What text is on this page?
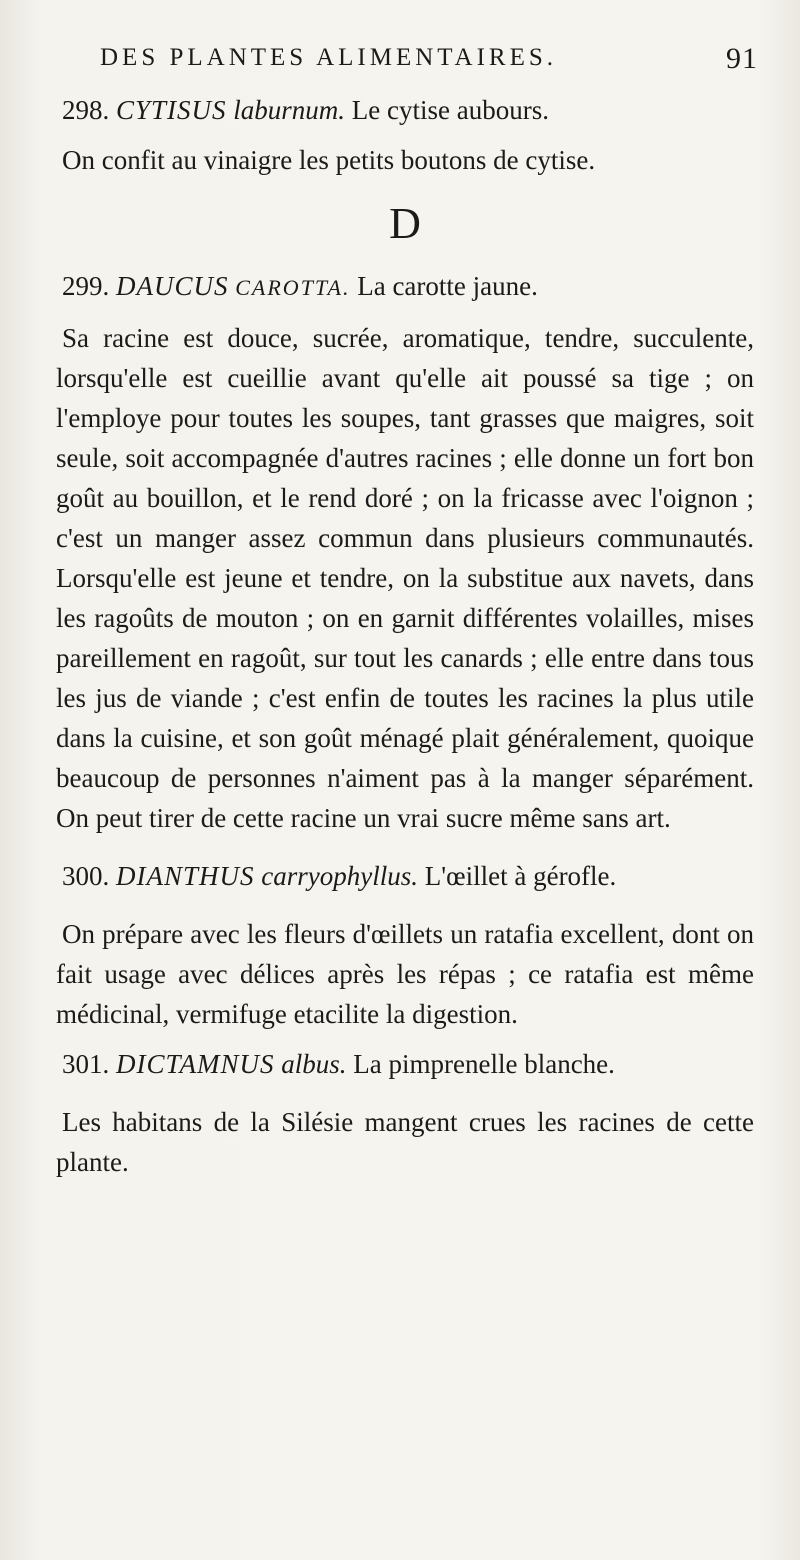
DES PLANTES ALIMENTAIRES.	91
298. CYTISUS laburnum. Le cytise aubours.

On confit au vinaigre les petits boutons de cytise.

D
299. DAUCUS CAROTTA. La carotte jaune.

Sa racine est douce, sucrée, aromatique, tendre, succulente, lorsqu'elle est cueillie avant qu'elle ait poussé sa tige ; on l'employe pour toutes les soupes, tant grasses que maigres, soit seule, soit accompagnée d'autres racines ; elle donne un fort bon goût au bouillon, et le rend doré ; on la fricasse avec l'oignon ; c'est un manger assez commun dans plusieurs communautés. Lorsqu'elle est jeune et tendre, on la substitue aux navets, dans les ragoûts de mouton ; on en garnit différentes volailles, mises pareillement en ragoût, sur tout les canards ; elle entre dans tous les jus de viande ; c'est enfin de toutes les racines la plus utile dans la cuisine, et son goût ménagé plait généralement, quoique beaucoup de personnes n'aiment pas à la manger séparément. On peut tirer de cette racine un vrai sucre même sans art.

300. DIANTHUS carryophyllus. L'œillet à gérofle.

On prépare avec les fleurs d'œillets un ratafia excellent, dont on fait usage avec délices après les répas ; ce ratafia est même médicinal, vermifuge etacilite la digestion.

301. DICTAMNUS albus. La pimprenelle blanche.

Les habitans de la Silésie mangent crues les racines de cette plante.
